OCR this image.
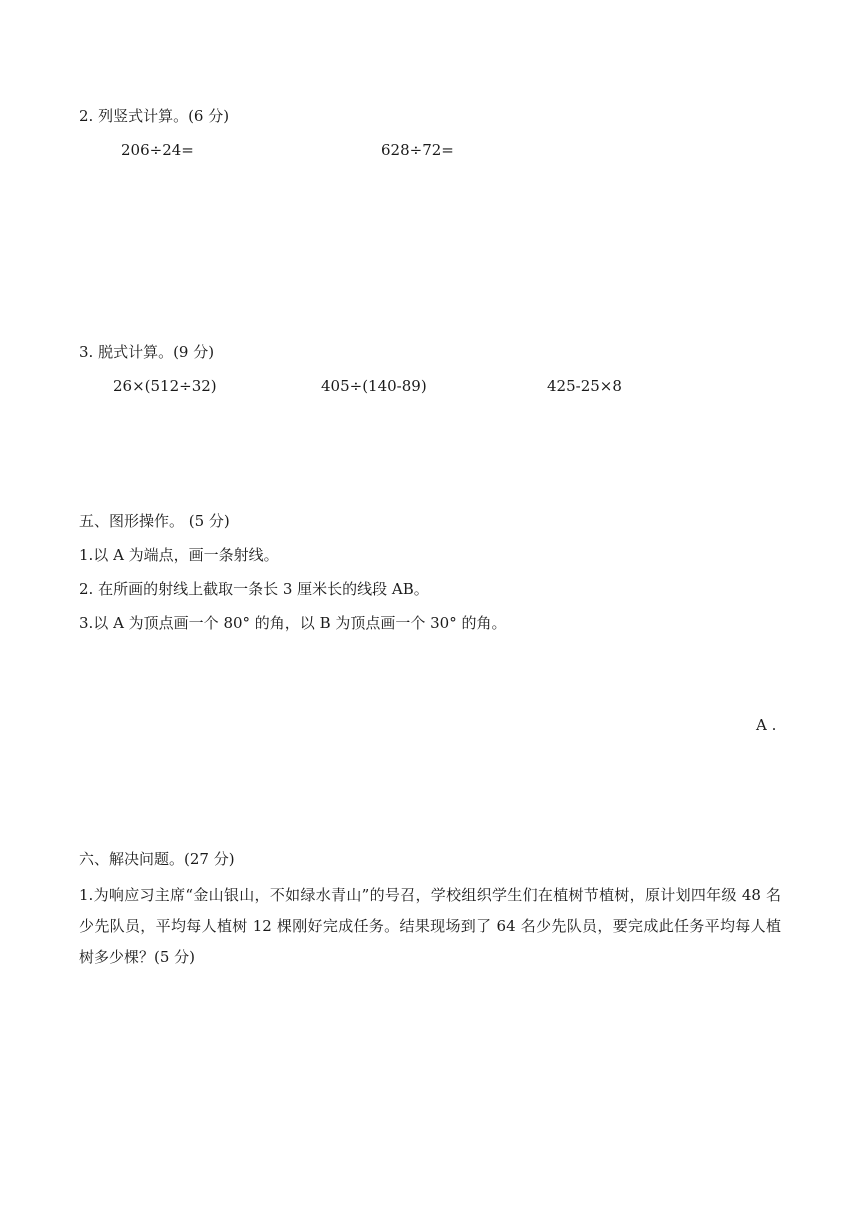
2. 列竖式计算。(6 分)
206÷24=	628÷72=
3. 脱式计算。(9 分)
26×(512÷32)	405÷(140-89)	425-25×8
五、图形操作。 (5 分)
1.以 A 为端点，画一条射线。
2. 在所画的射线上截取一条长 3 厘米长的线段 AB。
3.以 A 为顶点画一个 80° 的角，以 B 为顶点画一个 30° 的角。
A .
六、解决问题。(27 分)
1.为响应习主席“金山银山，不如绿水青山”的号召，学校组织学生们在植树节植树，原计划四年级 48 名少先队员，平均每人植树 12 棵刚好完成任务。结果现场到了 64 名少先队员，要完成此任务平均每人植树多少棵？(5 分)
